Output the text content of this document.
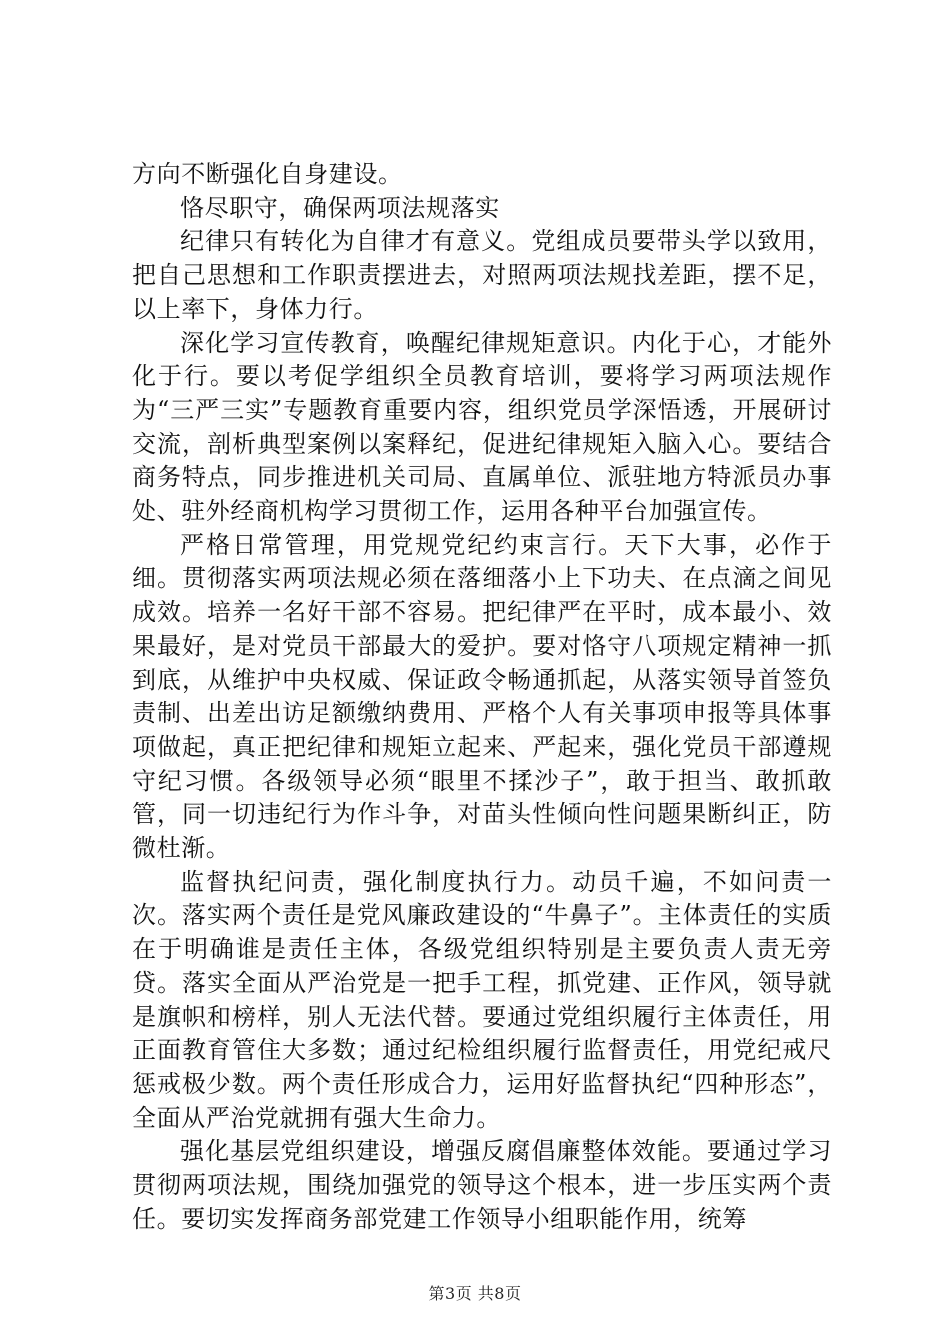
方向不断强化自身建设。

恪尽职守，确保两项法规落实

纪律只有转化为自律才有意义。党组成员要带头学以致用，把自己思想和工作职责摆进去，对照两项法规找差距，摆不足，以上率下，身体力行。

深化学习宣传教育，唤醒纪律规矩意识。内化于心，才能外化于行。要以考促学组织全员教育培训，要将学习两项法规作为“三严三实”专题教育重要内容，组织党员学深悟透，开展研讨交流，剖析典型案例以案释纪，促进纪律规矩入脑入心。要结合商务特点，同步推进机关司局、直属单位、派驻地方特派员办事处、驻外经商机构学习贯彻工作，运用各种平台加强宣传。

严格日常管理，用党规党纪约束言行。天下大事，必作于细。贯彻落实两项法规必须在落细落小上下功夫、在点滴之间见成效。培养一名好干部不容易。把纪律严在平时，成本最小、效果最好，是对党员干部最大的爱护。要对恪守八项规定精神一抓到底，从维护中央权威、保证政令畅通抓起，从落实领导首签负责制、出差出访足额缴纳费用、严格个人有关事项申报等具体事项做起，真正把纪律和规矩立起来、严起来，强化党员干部遵规守纪习惯。各级领导必须“眼里不揉沙子”，敢于担当、敢抓敢管，同一切违纪行为作斗争，对苗头性倾向性问题果断纠正，防微杜渐。

监督执纪问责，强化制度执行力。动员千遍，不如问责一次。落实两个责任是党风廉政建设的“牛鼻子”。主体责任的实质在于明确谁是责任主体，各级党组织特别是主要负责人责无旁贷。落实全面从严治党是一把手工程，抓党建、正作风，领导就是旗帜和榜样，别人无法代替。要通过党组织履行主体责任，用正面教育管住大多数；通过纪检组织履行监督责任，用党纪戒尺惩戒极少数。两个责任形成合力，运用好监督执纪“四种形态”，全面从严治党就拥有强大生命力。

强化基层党组织建设，增强反腐倡廉整体效能。要通过学习贯彻两项法规，围绕加强党的领导这个根本，进一步压实两个责任。要切实发挥商务部党建工作领导小组职能作用，统筹

第3页 共8页
